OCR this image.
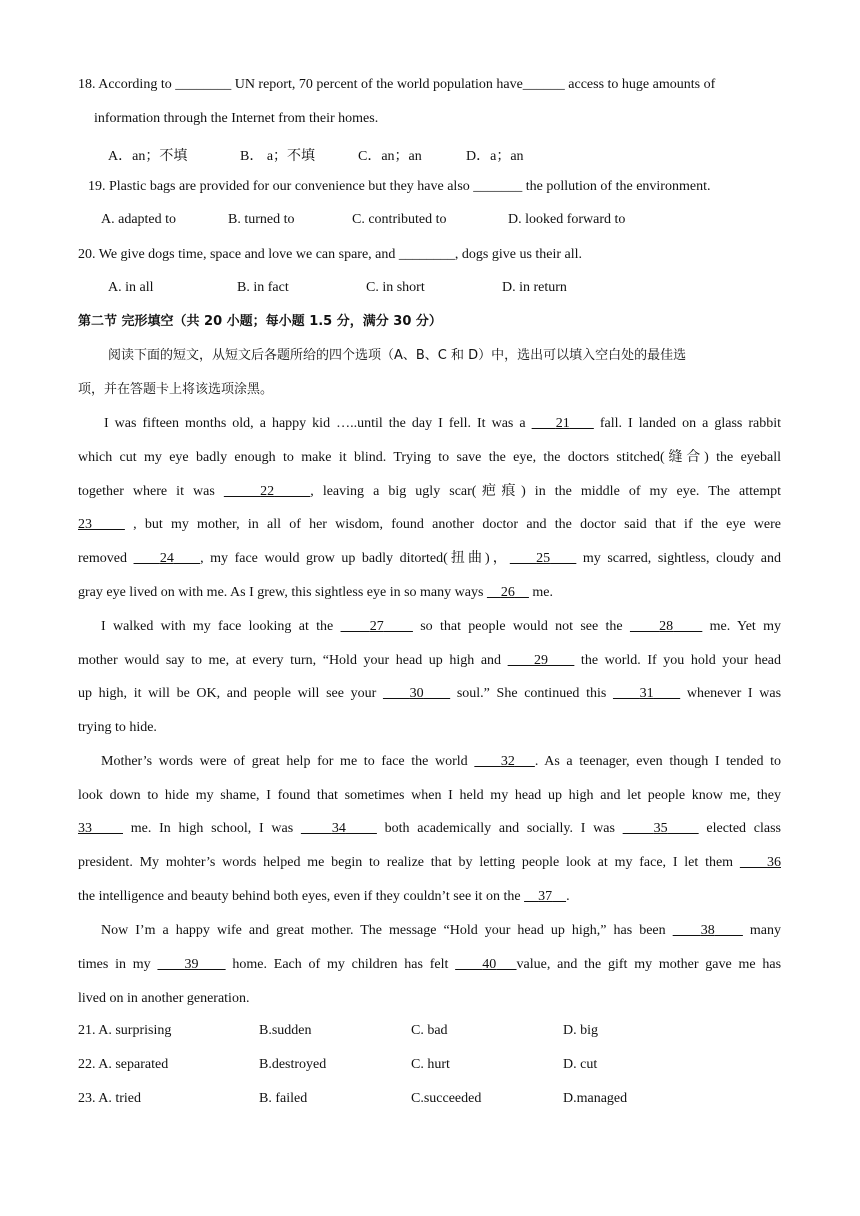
18. According to ________ UN report, 70 percent of the world population have______ access to huge amounts of
information through the Internet from their homes.
A．an；不填	B． a；不填	C．an；an	D．a；an
19. Plastic bags are provided for our convenience but they have also _______ the pollution of the environment.
A. adapted to	B. turned to	C. contributed to	D. looked forward to
20. We give dogs time, space and love we can spare, and ________, dogs give us their all.
A. in all	B. in fact	C. in short	D. in return
第二节 完形填空（共 20 小题；每小题 1.5 分，满分 30 分）
阅读下面的短文，从短文后各题所给的四个选项（A、B、C 和 D）中，选出可以填入空白处的最佳选
项，并在答题卡上将该选项涂黑。
I was fifteen months old, a happy kid …..until the day I fell. It was a     21     fall. I landed on a glass rabbit
which cut my eye badly enough to make it blind. Trying to save the eye, the doctors stitched(缝合) the eyeball
together where it was	22	, leaving a big ugly scar(疤痕) in the middle of my eye. The attempt
23     , but my mother, in all of her wisdom, found another doctor and the doctor said that if the eye were
removed     24 , my face would grow up badly ditorted(扭曲)， 25     my scarred, sightless, cloudy and
gray eye lived on with me. As I grew, this sightless eye in so many ways     26     me.
I walked with my face looking at the     27     so that people would not see the     28     me. Yet my
mother would say to me, at every turn, “Hold your head up high and     29     the world. If you hold your head
up high, it will be OK, and people will see your     30     soul.” She continued this     31     whenever I was
trying to hide.
Mother’s words were of great help for me to face the world     32 . As a teenager, even though I tended to
look down to hide my shame, I found that sometimes when I held my head up high and let people know me, they
33     me. In high school, I was     34     both academically and socially. I was     35     elected class
president. My mohter’s words helped me begin to realize that by letting people look at my face, I let them     36
the intelligence and beauty behind both eyes, even if they couldn’t see it on the     37 .
Now I’m a happy wife and great mother. The message “Hold your head up high,” has been     38     many
times in my     39     home. Each of my children has felt     40 value, and the gift my mother gave me has
lived on in another generation.
21. A. surprising	B.sudden	C. bad	D. big
22. A. separated	B.destroyed	C. hurt	D. cut
23. A. tried	B. failed	C.succeeded	D.managed
